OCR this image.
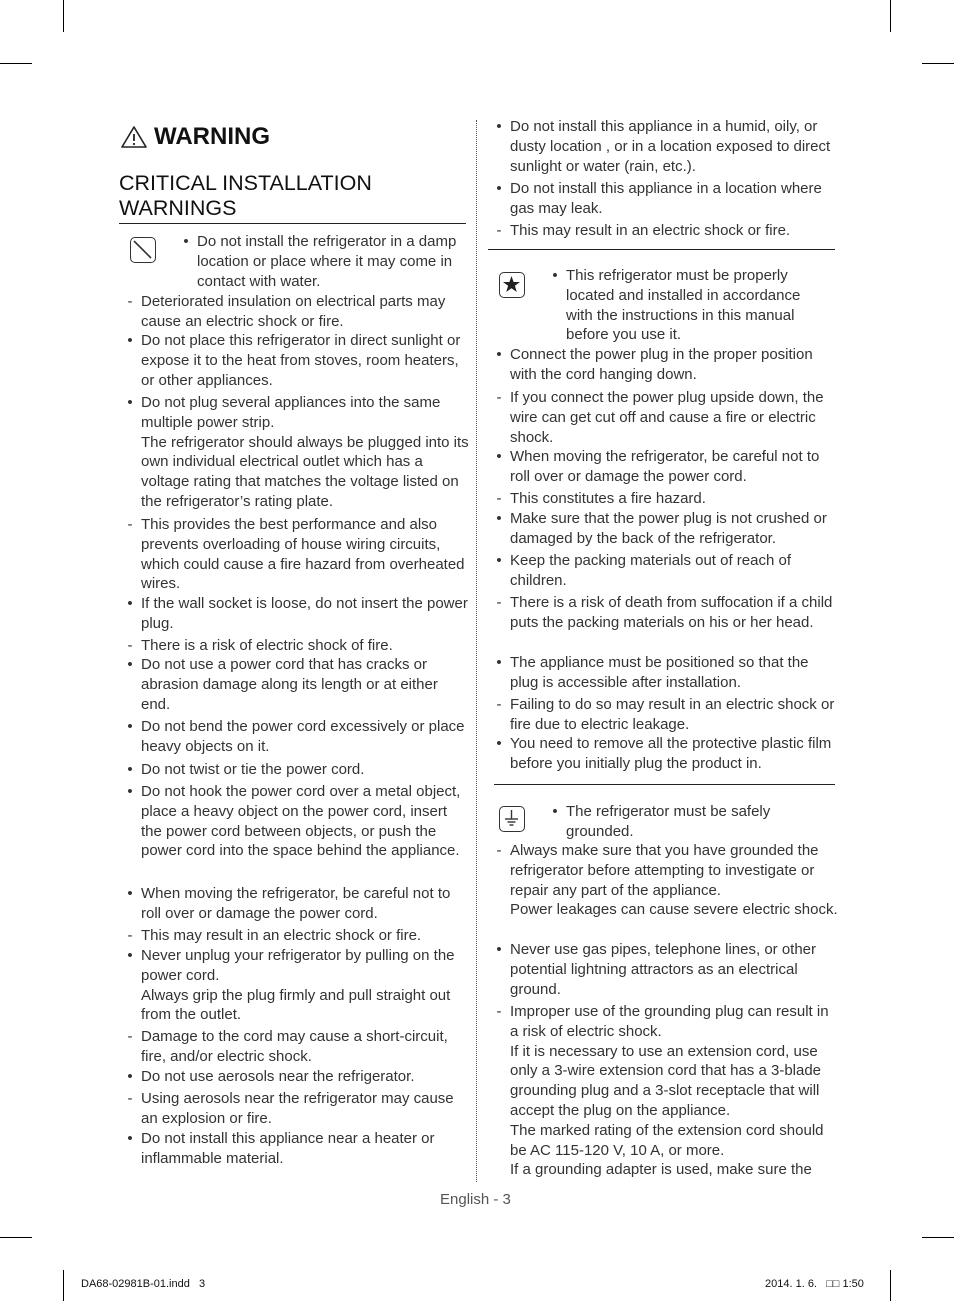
WARNING
CRITICAL INSTALLATION WARNINGS
• Do not install the refrigerator in a damp location or place where it may come in contact with water.
- Deteriorated insulation on electrical parts may cause an electric shock or fire.
• Do not place this refrigerator in direct sunlight or expose it to the heat from stoves, room heaters, or other appliances.
• Do not plug several appliances into the same multiple power strip.
The refrigerator should always be plugged into its own individual electrical outlet which has a voltage rating that matches the voltage listed on the refrigerator’s rating plate.
- This provides the best performance and also prevents overloading of house wiring circuits, which could cause a fire hazard from overheated wires.
• If the wall socket is loose, do not insert the power plug.
- There is a risk of electric shock of fire.
• Do not use a power cord that has cracks or abrasion damage along its length or at either end.
• Do not bend the power cord excessively or place heavy objects on it.
• Do not twist or tie the power cord.
• Do not hook the power cord over a metal object, place a heavy object on the power cord, insert the power cord between objects, or push the power cord into the space behind the appliance.
• When moving the refrigerator, be careful not to roll over or damage the power cord.
- This may result in an electric shock or fire.
• Never unplug your refrigerator by pulling on the power cord.
Always grip the plug firmly and pull straight out from the outlet.
- Damage to the cord may cause a short-circuit, fire, and/or electric shock.
• Do not use aerosols near the refrigerator.
- Using aerosols near the refrigerator may cause an explosion or fire.
• Do not install this appliance near a heater or inflammable material.
• Do not install this appliance in a humid, oily, or dusty location , or in a location exposed to direct sunlight or water (rain, etc.).
• Do not install this appliance in a location where gas may leak.
- This may result in an electric shock or fire.
• This refrigerator must be properly located and installed in accordance with the instructions in this manual before you use it.
• Connect the power plug in the proper position with the cord hanging down.
- If you connect the power plug upside down, the wire can get cut off and cause a fire or electric shock.
• When moving the refrigerator, be careful not to roll over or damage the power cord.
- This constitutes a fire hazard.
• Make sure that the power plug is not crushed or damaged by the back of the refrigerator.
• Keep the packing materials out of reach of children.
- There is a risk of death from suffocation if a child puts the packing materials on his or her head.
• The appliance must be positioned so that the plug is accessible after installation.
- Failing to do so may result in an electric shock or fire due to electric leakage.
• You need to remove all the protective plastic film before you initially plug the product in.
• The refrigerator must be safely grounded.
- Always make sure that you have grounded the refrigerator before attempting to investigate or repair any part of the appliance.
Power leakages can cause severe electric shock.
• Never use gas pipes, telephone lines, or other potential lightning attractors as an electrical ground.
- Improper use of the grounding plug can result in a risk of electric shock.
If it is necessary to use an extension cord, use only a 3-wire extension cord that has a 3-blade grounding plug and a 3-slot receptacle that will accept the plug on the appliance.
The marked rating of the extension cord should be AC 115-120 V, 10 A, or more.
If a grounding adapter is used, make sure the
English - 3
DA68-02981B-01.indd   3	2014. 1. 6.   □□ 1:50
